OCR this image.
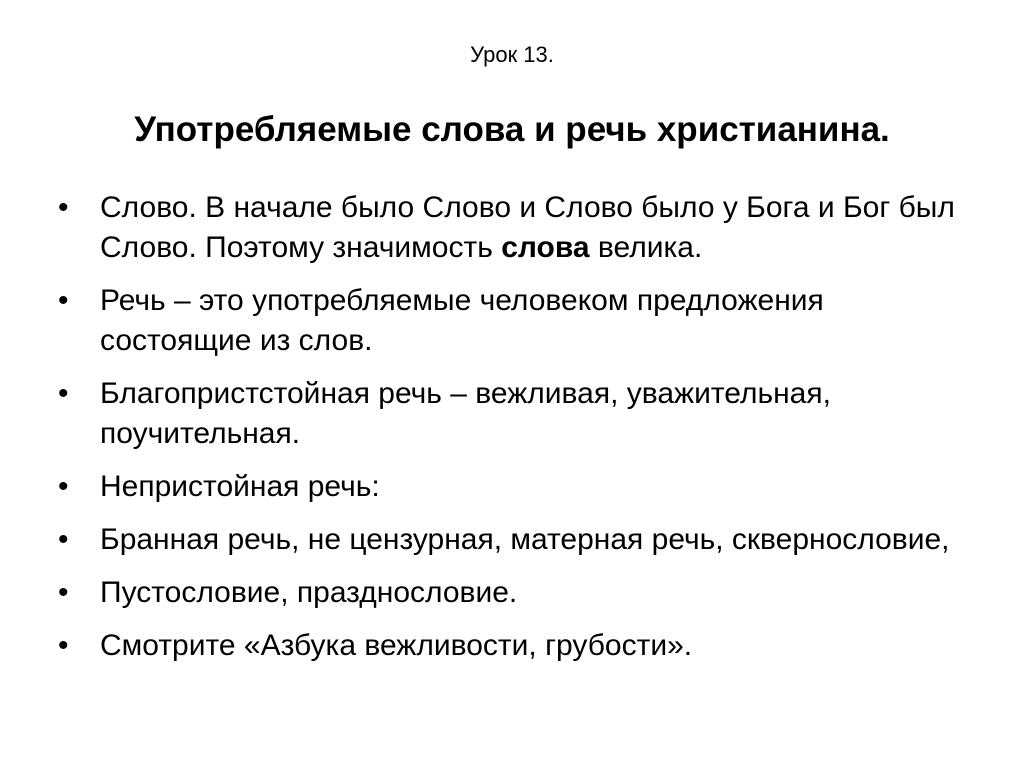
Урок 13.
Употребляемые слова и речь христианина.
•	Слово. В начале было Слово и Слово было у Бога и Бог был Слово. Поэтому значимость слова велика.
•	Речь – это употребляемые человеком предложения состоящие из слов.
•	Благопристстойная речь – вежливая, уважительная, поучительная.
•	Непристойная речь:
•	Бранная речь, не цензурная, матерная речь, сквернословие,
•	Пустословие, празднословие.
•	Смотрите «Азбука вежливости, грубости».
